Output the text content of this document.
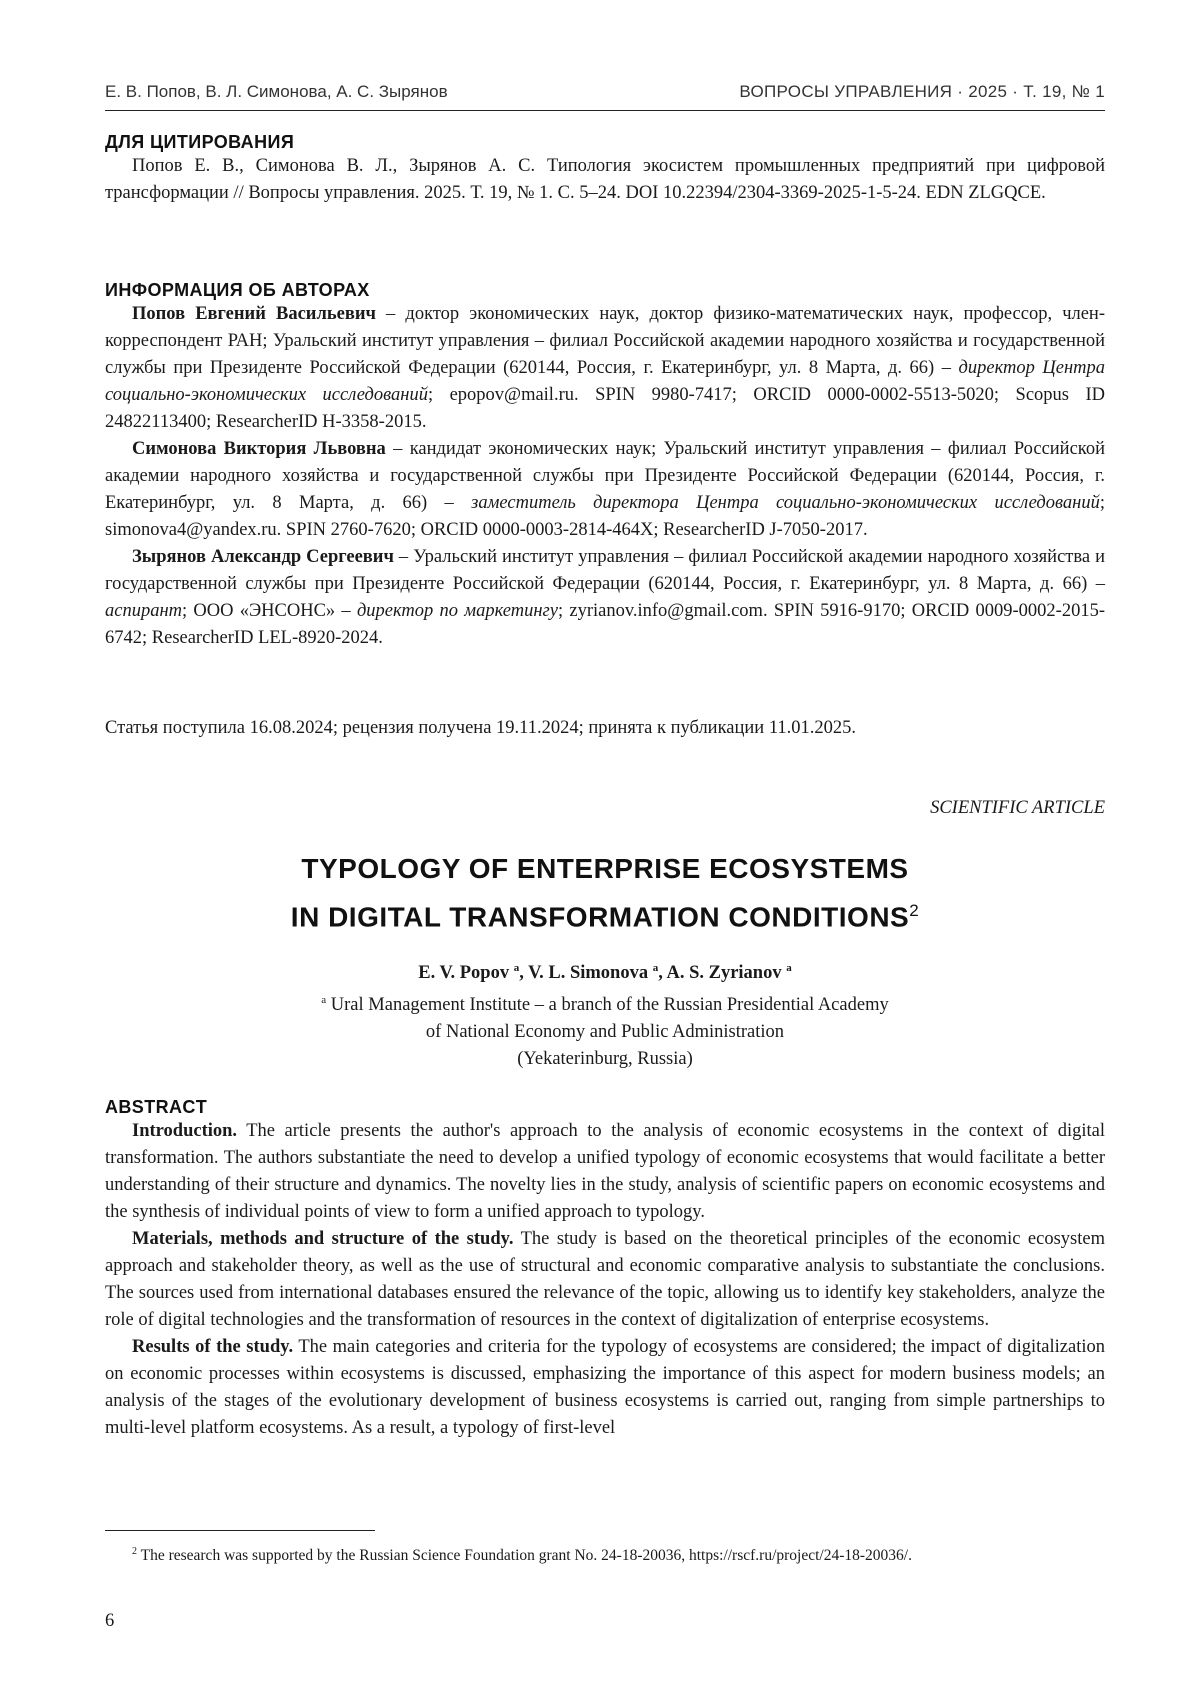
Е. В. Попов, В. Л. Симонова, А. С. Зырянов	ВОПРОСЫ УПРАВЛЕНИЯ · 2025 · Т. 19, № 1
ДЛЯ ЦИТИРОВАНИЯ

Попов Е. В., Симонова В. Л., Зырянов А. С. Типология экосистем промышленных предприятий при цифровой трансформации // Вопросы управления. 2025. Т. 19, № 1. С. 5–24. DOI 10.22394/2304-3369-2025-1-5-24. EDN ZLGQCE.

ИНФОРМАЦИЯ ОБ АВТОРАХ

Попов Евгений Васильевич – доктор экономических наук, доктор физико-математических наук, профессор, член-корреспондент РАН; Уральский институт управления – филиал Российской академии народного хозяйства и государственной службы при Президенте Российской Федерации (620144, Россия, г. Екатеринбург, ул. 8 Марта, д. 66) – директор Центра социально-экономических исследований; epopov@mail.ru. SPIN 9980-7417; ORCID 0000-0002-5513-5020; Scopus ID 24822113400; ResearcherID H-3358-2015.

Симонова Виктория Львовна – кандидат экономических наук; Уральский институт управления – филиал Российской академии народного хозяйства и государственной службы при Президенте Российской Федерации (620144, Россия, г. Екатеринбург, ул. 8 Марта, д. 66) – заместитель директора Центра социально-экономических исследований; simonova4@yandex.ru. SPIN 2760-7620; ORCID 0000-0003-2814-464X; ResearcherID J-7050-2017.

Зырянов Александр Сергеевич – Уральский институт управления – филиал Российской академии народного хозяйства и государственной службы при Президенте Российской Федерации (620144, Россия, г. Екатеринбург, ул. 8 Марта, д. 66) – аспирант; ООО «ЭНСОНС» – директор по маркетингу; zyrianov.info@gmail.com. SPIN 5916-9170; ORCID 0009-0002-2015-6742; ResearcherID LEL-8920-2024.

Статья поступила 16.08.2024; рецензия получена 19.11.2024; принята к публикации 11.01.2025.

SCIENTIFIC ARTICLE
TYPOLOGY OF ENTERPRISE ECOSYSTEMS
IN DIGITAL TRANSFORMATION CONDITIONS2
E. V. Popov a, V. L. Simonova a, A. S. Zyrianov a
a Ural Management Institute – a branch of the Russian Presidential Academy
of National Economy and Public Administration
(Yekaterinburg, Russia)
ABSTRACT

Introduction. The article presents the author's approach to the analysis of economic ecosystems in the context of digital transformation. The authors substantiate the need to develop a unified typology of economic ecosystems that would facilitate a better understanding of their structure and dynamics. The novelty lies in the study, analysis of scientific papers on economic ecosystems and the synthesis of individual points of view to form a unified approach to typology.

Materials, methods and structure of the study. The study is based on the theoretical principles of the economic ecosystem approach and stakeholder theory, as well as the use of structural and economic comparative analysis to substantiate the conclusions. The sources used from international databases ensured the relevance of the topic, allowing us to identify key stakeholders, analyze the role of digital technologies and the transformation of resources in the context of digitalization of enterprise ecosystems.

Results of the study. The main categories and criteria for the typology of ecosystems are considered; the impact of digitalization on economic processes within ecosystems is discussed, emphasizing the importance of this aspect for modern business models; an analysis of the stages of the evolutionary development of business ecosystems is carried out, ranging from simple partnerships to multi-level platform ecosystems. As a result, a typology of first-level

2 The research was supported by the Russian Science Foundation grant No. 24-18-20036, https://rscf.ru/project/24-18-20036/.
6
